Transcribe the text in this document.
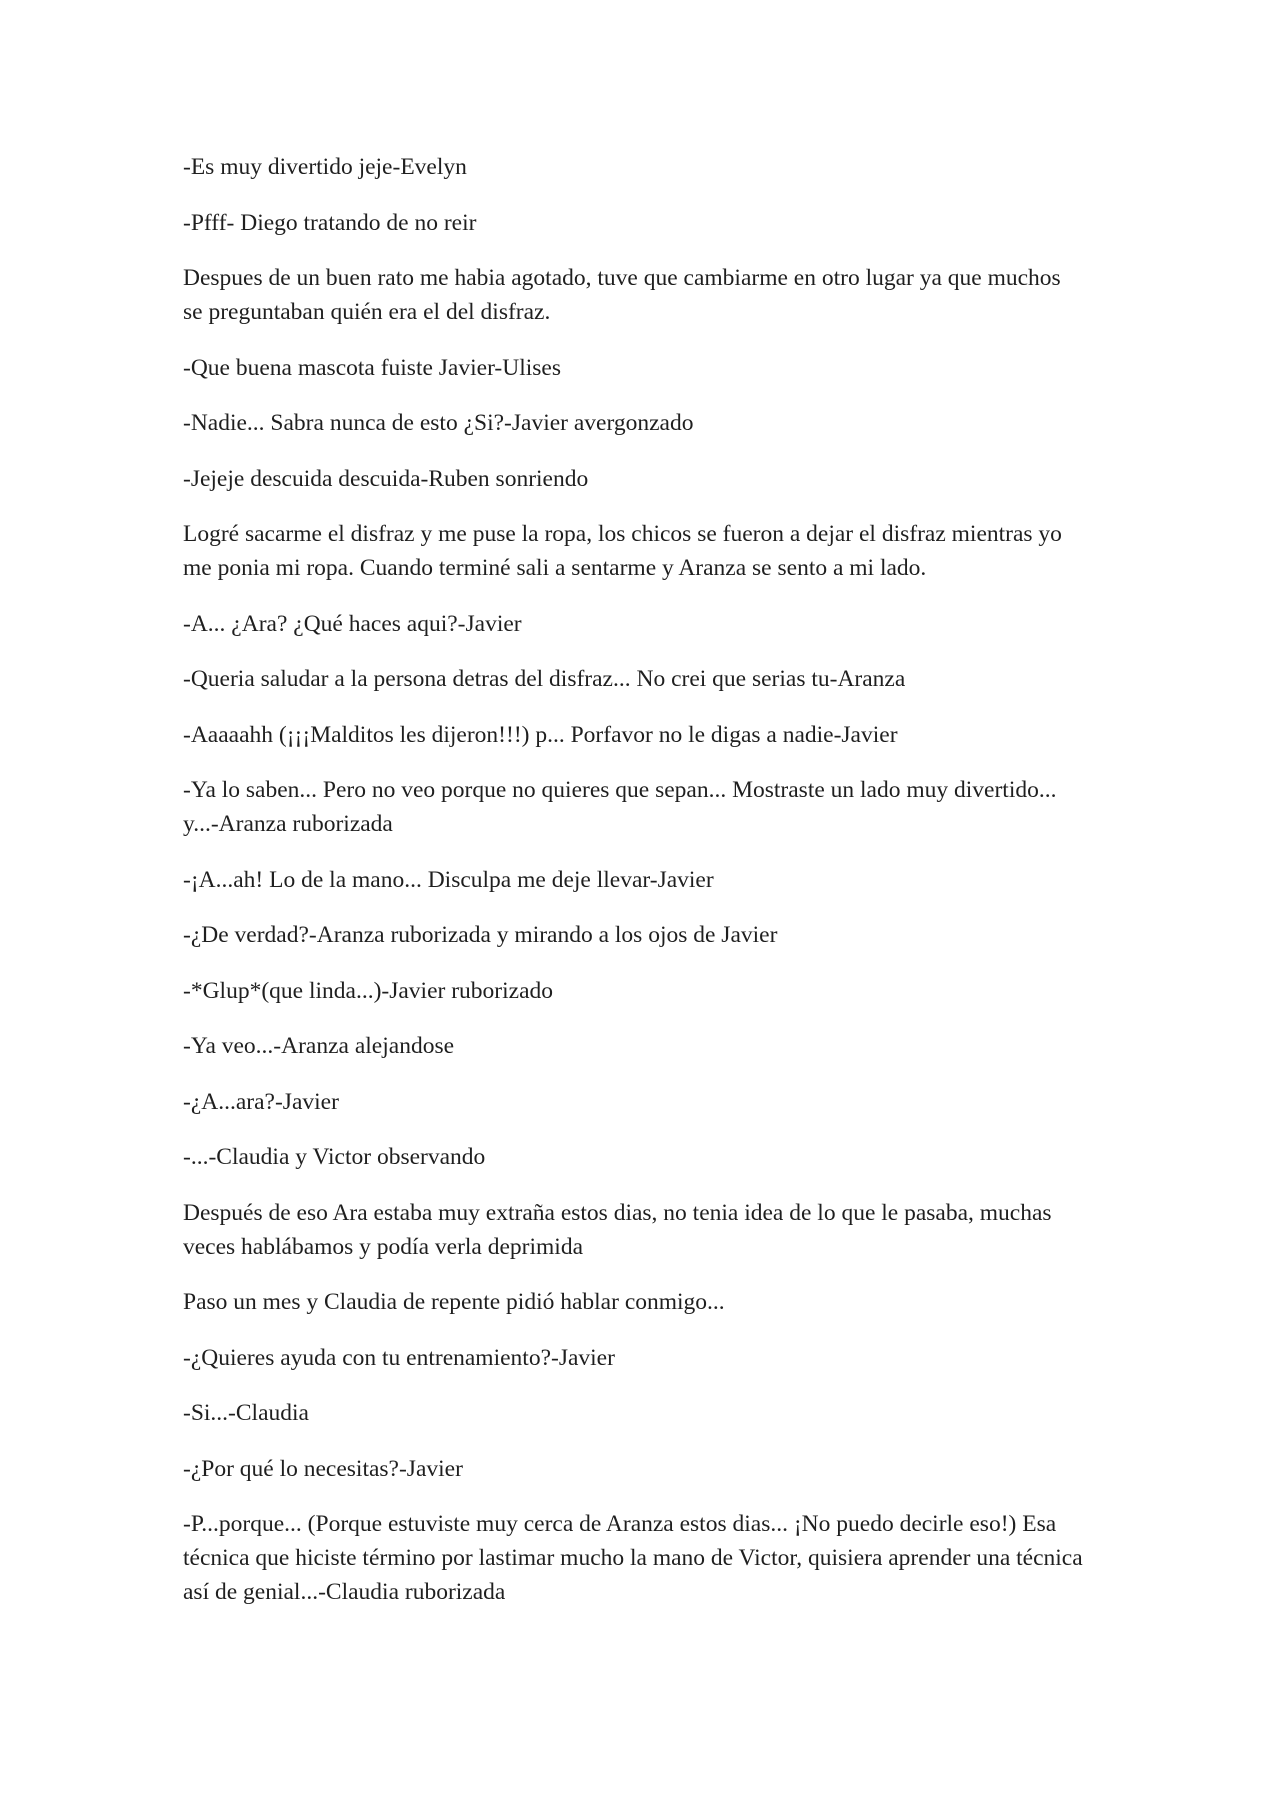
-Es muy divertido jeje-Evelyn

-Pfff- Diego tratando de no reir

Despues de un buen rato me habia agotado, tuve que cambiarme en otro lugar ya que muchos se preguntaban quién era el del disfraz.

-Que buena mascota fuiste Javier-Ulises

-Nadie... Sabra nunca de esto ¿Si?-Javier avergonzado

-Jejeje descuida descuida-Ruben sonriendo

Logré sacarme el disfraz y me puse la ropa, los chicos se fueron a dejar el disfraz mientras yo me ponia mi ropa. Cuando terminé sali a sentarme y Aranza se sento a mi lado.

-A... ¿Ara? ¿Qué haces aqui?-Javier

-Queria saludar a la persona detras del disfraz... No crei que serias tu-Aranza

-Aaaaahh (¡¡¡Malditos les dijeron!!!) p... Porfavor no le digas a nadie-Javier

-Ya lo saben... Pero no veo porque no quieres que sepan... Mostraste un lado muy divertido... y...-Aranza ruborizada

-¡A...ah! Lo de la mano... Disculpa me deje llevar-Javier

-¿De verdad?-Aranza ruborizada y mirando a los ojos de Javier

-*Glup*(que linda...)-Javier ruborizado

-Ya veo...-Aranza alejandose

-¿A...ara?-Javier

-...-Claudia y Victor observando

Después de eso Ara estaba muy extraña estos dias, no tenia idea de lo que le pasaba, muchas veces hablábamos y podía verla deprimida

Paso un mes y Claudia de repente pidió hablar conmigo...

-¿Quieres ayuda con tu entrenamiento?-Javier

-Si...-Claudia

-¿Por qué lo necesitas?-Javier

-P...porque... (Porque estuviste muy cerca de Aranza estos dias... ¡No puedo decirle eso!) Esa técnica que hiciste término por lastimar mucho la mano de Victor, quisiera aprender una técnica así de genial...-Claudia ruborizada
